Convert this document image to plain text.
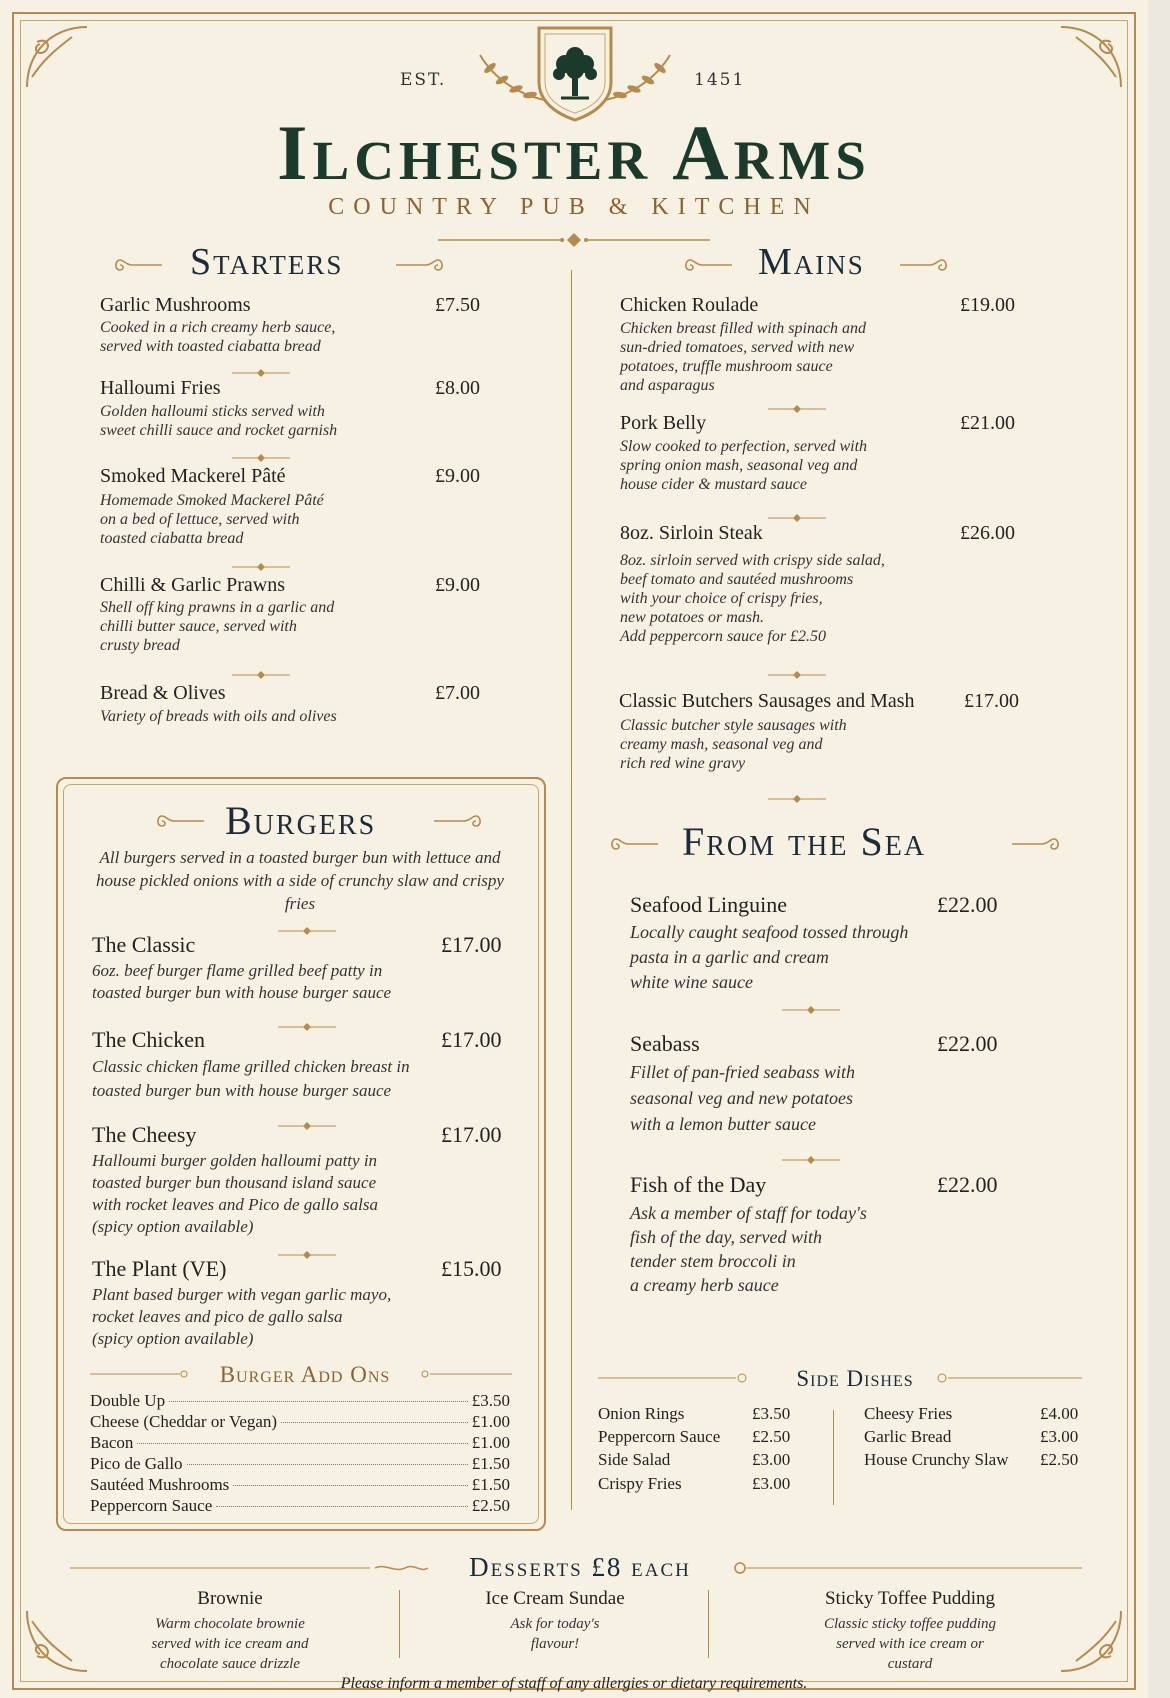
EST.	1451
Ilchester Arms
COUNTRY PUB & KITCHEN
Starters
Garlic Mushrooms	£7.50
Cooked in a rich creamy herb sauce,
served with toasted ciabatta bread
Halloumi Fries	£8.00
Golden halloumi sticks served with
sweet chilli sauce and rocket garnish
Smoked Mackerel Pâté	£9.00
Homemade Smoked Mackerel Pâté
on a bed of lettuce, served with
toasted ciabatta bread
Chilli & Garlic Prawns	£9.00
Shell off king prawns in a garlic and
chilli butter sauce, served with
crusty bread
Bread & Olives	£7.00
Variety of breads with oils and olives
Mains
Chicken Roulade	£19.00
Chicken breast filled with spinach and
sun-dried tomatoes, served with new
potatoes, truffle mushroom sauce
and asparagus
Pork Belly	£21.00
Slow cooked to perfection, served with
spring onion mash, seasonal veg and
house cider & mustard sauce
8oz. Sirloin Steak	£26.00
8oz. sirloin served with crispy side salad,
beef tomato and sautéed mushrooms
with your choice of crispy fries,
new potatoes or mash.
Add peppercorn sauce for £2.50
Classic Butchers Sausages and Mash £17.00
Classic butcher style sausages with
creamy mash, seasonal veg and
rich red wine gravy
Burgers
All burgers served in a toasted burger bun with lettuce and house pickled onions with a side of crunchy slaw and crispy fries
The Classic	£17.00
6oz. beef burger flame grilled beef patty in
toasted burger bun with house burger sauce
The Chicken	£17.00
Classic chicken flame grilled chicken breast in
toasted burger bun with house burger sauce
The Cheesy	£17.00
Halloumi burger golden halloumi patty in
toasted burger bun thousand island sauce
with rocket leaves and Pico de gallo salsa
(spicy option available)
The Plant (VE)	£15.00
Plant based burger with vegan garlic mayo,
rocket leaves and pico de gallo salsa
(spicy option available)
Burger Add Ons
Double Up	£3.50
Cheese (Cheddar or Vegan)	£1.00
Bacon	£1.00
Pico de Gallo	£1.50
Sautéed Mushrooms	£1.50
Peppercorn Sauce	£2.50
From the Sea
Seafood Linguine	£22.00
Locally caught seafood tossed through
pasta in a garlic and cream
white wine sauce
Seabass	£22.00
Fillet of pan-fried seabass with
seasonal veg and new potatoes
with a lemon butter sauce
Fish of the Day	£22.00
Ask a member of staff for today's
fish of the day, served with
tender stem broccoli in
a creamy herb sauce
Side Dishes
Onion Rings	£3.50
Peppercorn Sauce £2.50
Side Salad	£3.00
Crispy Fries	£3.00
Cheesy Fries	£4.00
Garlic Bread	£3.00
House Crunchy Slaw £2.50
Desserts £8 each
Brownie
Warm chocolate brownie
served with ice cream and
chocolate sauce drizzle
Ice Cream Sundae
Ask for today's
flavour!
Sticky Toffee Pudding
Classic sticky toffee pudding
served with ice cream or
custard
Please inform a member of staff of any allergies or dietary requirements.
